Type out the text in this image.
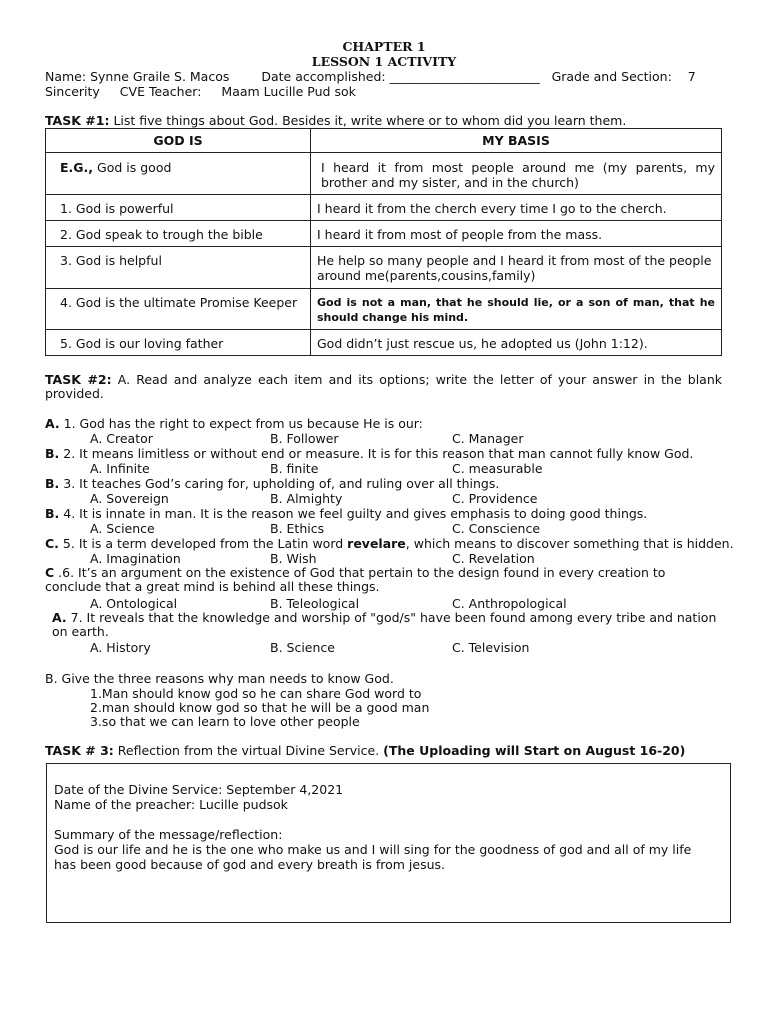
CHAPTER 1
LESSON 1 ACTIVITY
Name: Synne Graile S. Macos	Date accomplished: ________________________ Grade and Section: 7
Sincerity CVE Teacher: Maam Lucille Pud sok
TASK #1: List five things about God. Besides it, write where or to whom did you learn them.
GOD IS	MY BASIS
E.G., God is good	I heard it from most people around me (my parents, my brother and my sister, and in the church)
1. God is powerful	I heard it from the cherch every time I go to the cherch.
2. God speak to trough the bible	I heard it from most of people from the mass.
3. God is helpful	He help so many people and I heard it from most of the people around me(parents,cousins,family)
4. God is the ultimate Promise Keeper	God is not a man, that he should lie, or a son of man, that he should change his mind.
5. God is our loving father	God didn’t just rescue us, he adopted us (John 1:12).
TASK #2: A. Read and analyze each item and its options; write the letter of your answer in the blank provided.
A. 1. God has the right to expect from us because He is our:
A. Creator	B. Follower	C. Manager
B. 2. It means limitless or without end or measure. It is for this reason that man cannot fully know God.
A. Infinite	B. finite	C. measurable
B. 3. It teaches God’s caring for, upholding of, and ruling over all things.
A. Sovereign	B. Almighty	C. Providence
B. 4. It is innate in man. It is the reason we feel guilty and gives emphasis to doing good things.
A. Science	B. Ethics	C. Conscience
C. 5. It is a term developed from the Latin word revelare, which means to discover something that is hidden.
A. Imagination	B. Wish	C. Revelation
C .6. It’s an argument on the existence of God that pertain to the design found in every creation to conclude that a great mind is behind all these things.
A. Ontological	B. Teleological	C. Anthropological
A. 7. It reveals that the knowledge and worship of "god/s" have been found among every tribe and nation on earth.
A. History	B. Science	C. Television
B. Give the three reasons why man needs to know God.
1.Man should know god so he can share God word to
2.man should know god so that he will be a good man
3.so that we can learn to love other people
TASK # 3: Reflection from the virtual Divine Service. (The Uploading will Start on August 16-20)
Date of the Divine Service: September 4,2021
Name of the preacher: Lucille pudsok
Summary of the message/reflection:
God is our life and he is the one who make us and I will sing for the goodness of god and all of my life has been good because of god and every breath is from jesus.
